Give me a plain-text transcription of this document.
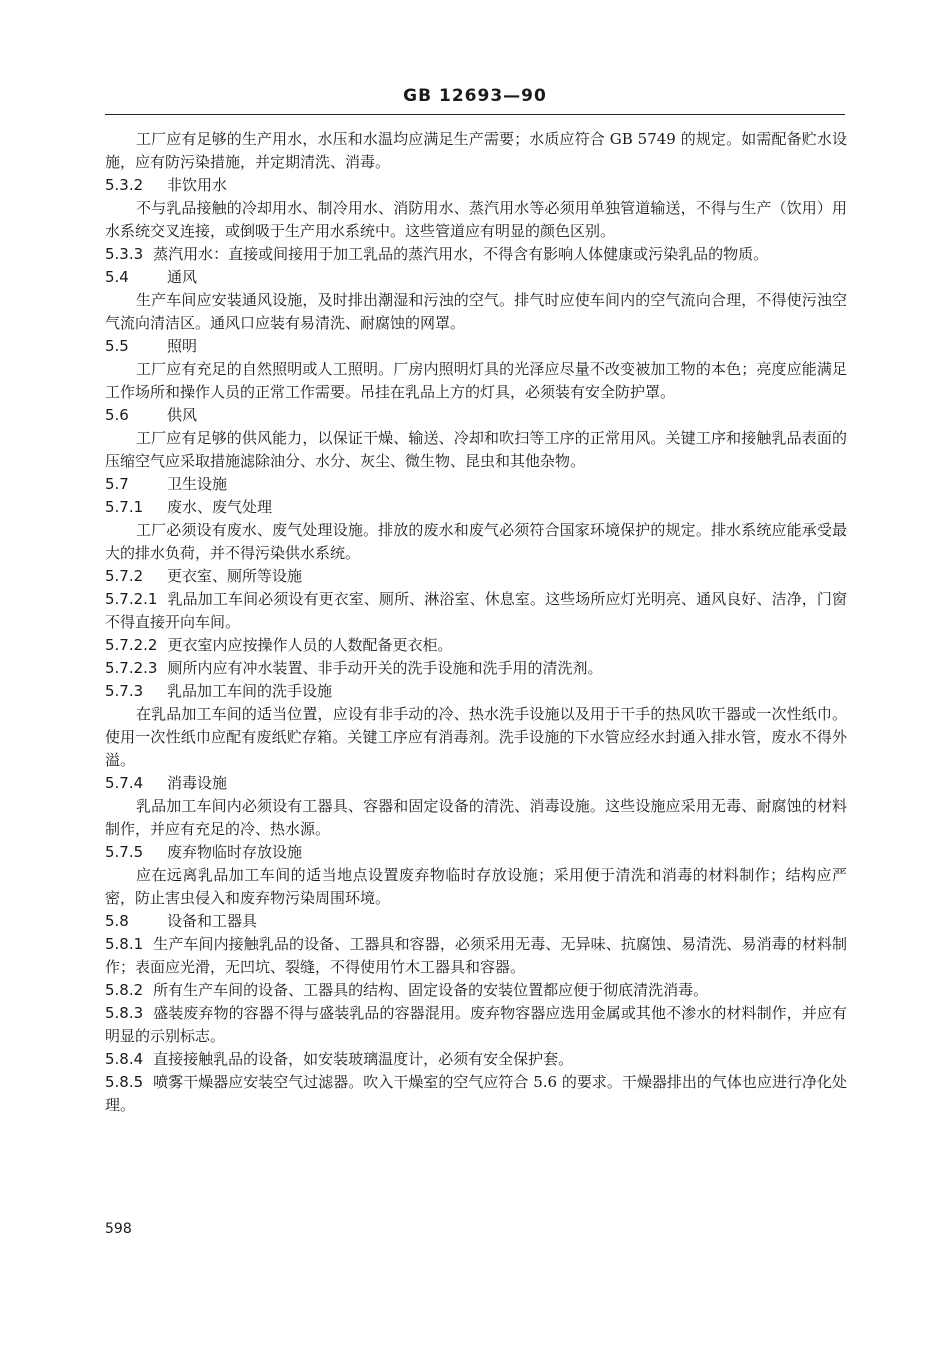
GB 12693—90

工厂应有足够的生产用水，水压和水温均应满足生产需要；水质应符合 GB 5749 的规定。如需配备贮水设施，应有防污染措施，并定期清洗、消毒。

5.3.2 非饮用水

不与乳品接触的冷却用水、制冷用水、消防用水、蒸汽用水等必须用单独管道输送，不得与生产（饮用）用水系统交叉连接，或倒吸于生产用水系统中。这些管道应有明显的颜色区别。

5.3.3 蒸汽用水：直接或间接用于加工乳品的蒸汽用水，不得含有影响人体健康或污染乳品的物质。

5.4	通风

生产车间应安装通风设施，及时排出潮湿和污浊的空气。排气时应使车间内的空气流向合理，不得使污浊空气流向清洁区。通风口应装有易清洗、耐腐蚀的网罩。

5.5	照明

工厂应有充足的自然照明或人工照明。厂房内照明灯具的光泽应尽量不改变被加工物的本色；亮度应能满足工作场所和操作人员的正常工作需要。吊挂在乳品上方的灯具，必须装有安全防护罩。

5.6	供风

工厂应有足够的供风能力，以保证干燥、输送、冷却和吹扫等工序的正常用风。关键工序和接触乳品表面的压缩空气应采取措施滤除油分、水分、灰尘、微生物、昆虫和其他杂物。

5.7	卫生设施
5.7.1 废水、废气处理

工厂必须设有废水、废气处理设施。排放的废水和废气必须符合国家环境保护的规定。排水系统应能承受最大的排水负荷，并不得污染供水系统。

5.7.2 更衣室、厕所等设施

5.7.2.1 乳品加工车间必须设有更衣室、厕所、淋浴室、休息室。这些场所应灯光明亮、通风良好、洁净，门窗不得直接开向车间。

5.7.2.2 更衣室内应按操作人员的人数配备更衣柜。

5.7.2.3 厕所内应有冲水装置、非手动开关的洗手设施和洗手用的清洗剂。

5.7.3 乳品加工车间的洗手设施

在乳品加工车间的适当位置，应设有非手动的冷、热水洗手设施以及用于干手的热风吹干器或一次性纸巾。使用一次性纸巾应配有废纸贮存箱。关键工序应有消毒剂。洗手设施的下水管应经水封通入排水管，废水不得外溢。

5.7.4 消毒设施

乳品加工车间内必须设有工器具、容器和固定设备的清洗、消毒设施。这些设施应采用无毒、耐腐蚀的材料制作，并应有充足的冷、热水源。

5.7.5 废弃物临时存放设施

应在远离乳品加工车间的适当地点设置废弃物临时存放设施；采用便于清洗和消毒的材料制作；结构应严密，防止害虫侵入和废弃物污染周围环境。

5.8	设备和工器具

5.8.1 生产车间内接触乳品的设备、工器具和容器，必须采用无毒、无异味、抗腐蚀、易清洗、易消毒的材料制作；表面应光滑，无凹坑、裂缝，不得使用竹木工器具和容器。

5.8.2 所有生产车间的设备、工器具的结构、固定设备的安装位置都应便于彻底清洗消毒。

5.8.3 盛装废弃物的容器不得与盛装乳品的容器混用。废弃物容器应选用金属或其他不渗水的材料制作，并应有明显的示别标志。

5.8.4 直接接触乳品的设备，如安装玻璃温度计，必须有安全保护套。

5.8.5 喷雾干燥器应安装空气过滤器。吹入干燥室的空气应符合 5.6 的要求。干燥器排出的气体也应进行净化处理。

598
